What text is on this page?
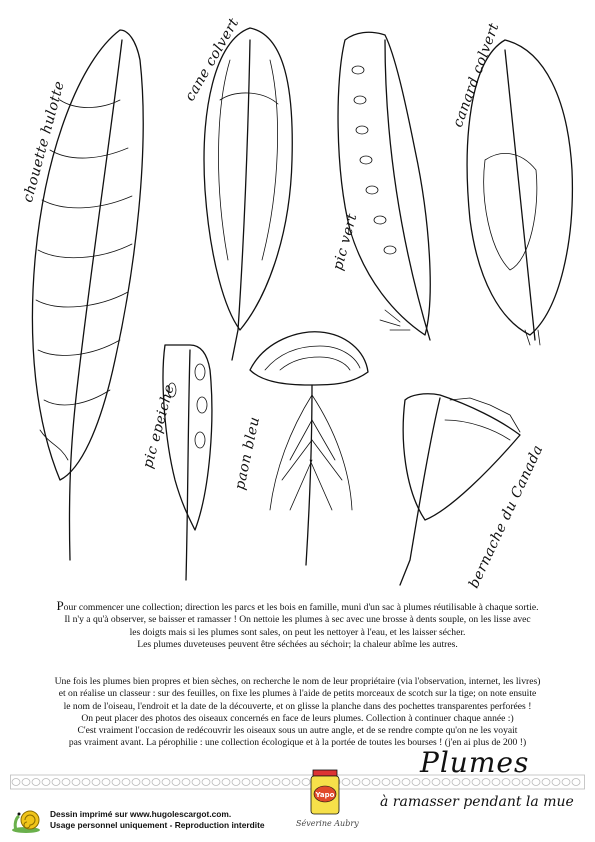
chouette hulotte
cane colvert
pic vert
canard colvert
pic epeiche	paon bleu	bernache du Canada

Pour commencer une collection; direction les parcs et les bois en famille, muni d'un sac à plumes réutilisable à chaque sortie.

Il n'y a qu'à observer, se baisser et ramasser ! On nettoie les plumes à sec avec une brosse à dents souple, on les lisse avec

les doigts mais si les plumes sont sales, on peut les nettoyer à l'eau, et les laisser sécher.

Les plumes duveteuses peuvent être séchées au séchoir; la chaleur abîme les autres.

Une fois les plumes bien propres et bien sèches, on recherche le nom de leur propriétaire (via l'observation, internet, les livres)

et on réalise un classeur : sur des feuilles, on fixe les plumes à l'aide de petits morceaux de scotch sur la tige; on note ensuite

le nom de l'oiseau, l'endroit et la date de la découverte, et on glisse la planche dans des pochettes transparentes perforées !

On peut placer des photos des oiseaux concernés en face de leurs plumes. Collection à continuer chaque année :)

C'est vraiment l'occasion de redécouvrir les oiseaux sous un autre angle, et de se rendre compte qu'on ne les voyait

pas vraiment avant. La pérophilie : une collection écologique et à la portée de toutes les bourses ! (j'en ai plus de 200 !)

Plumes
à ramasser pendant la mue
Yapo
Séverine Aubry
Dessin imprimé sur www.hugolescargot.com.
Usage personnel uniquement - Reproduction interdite
